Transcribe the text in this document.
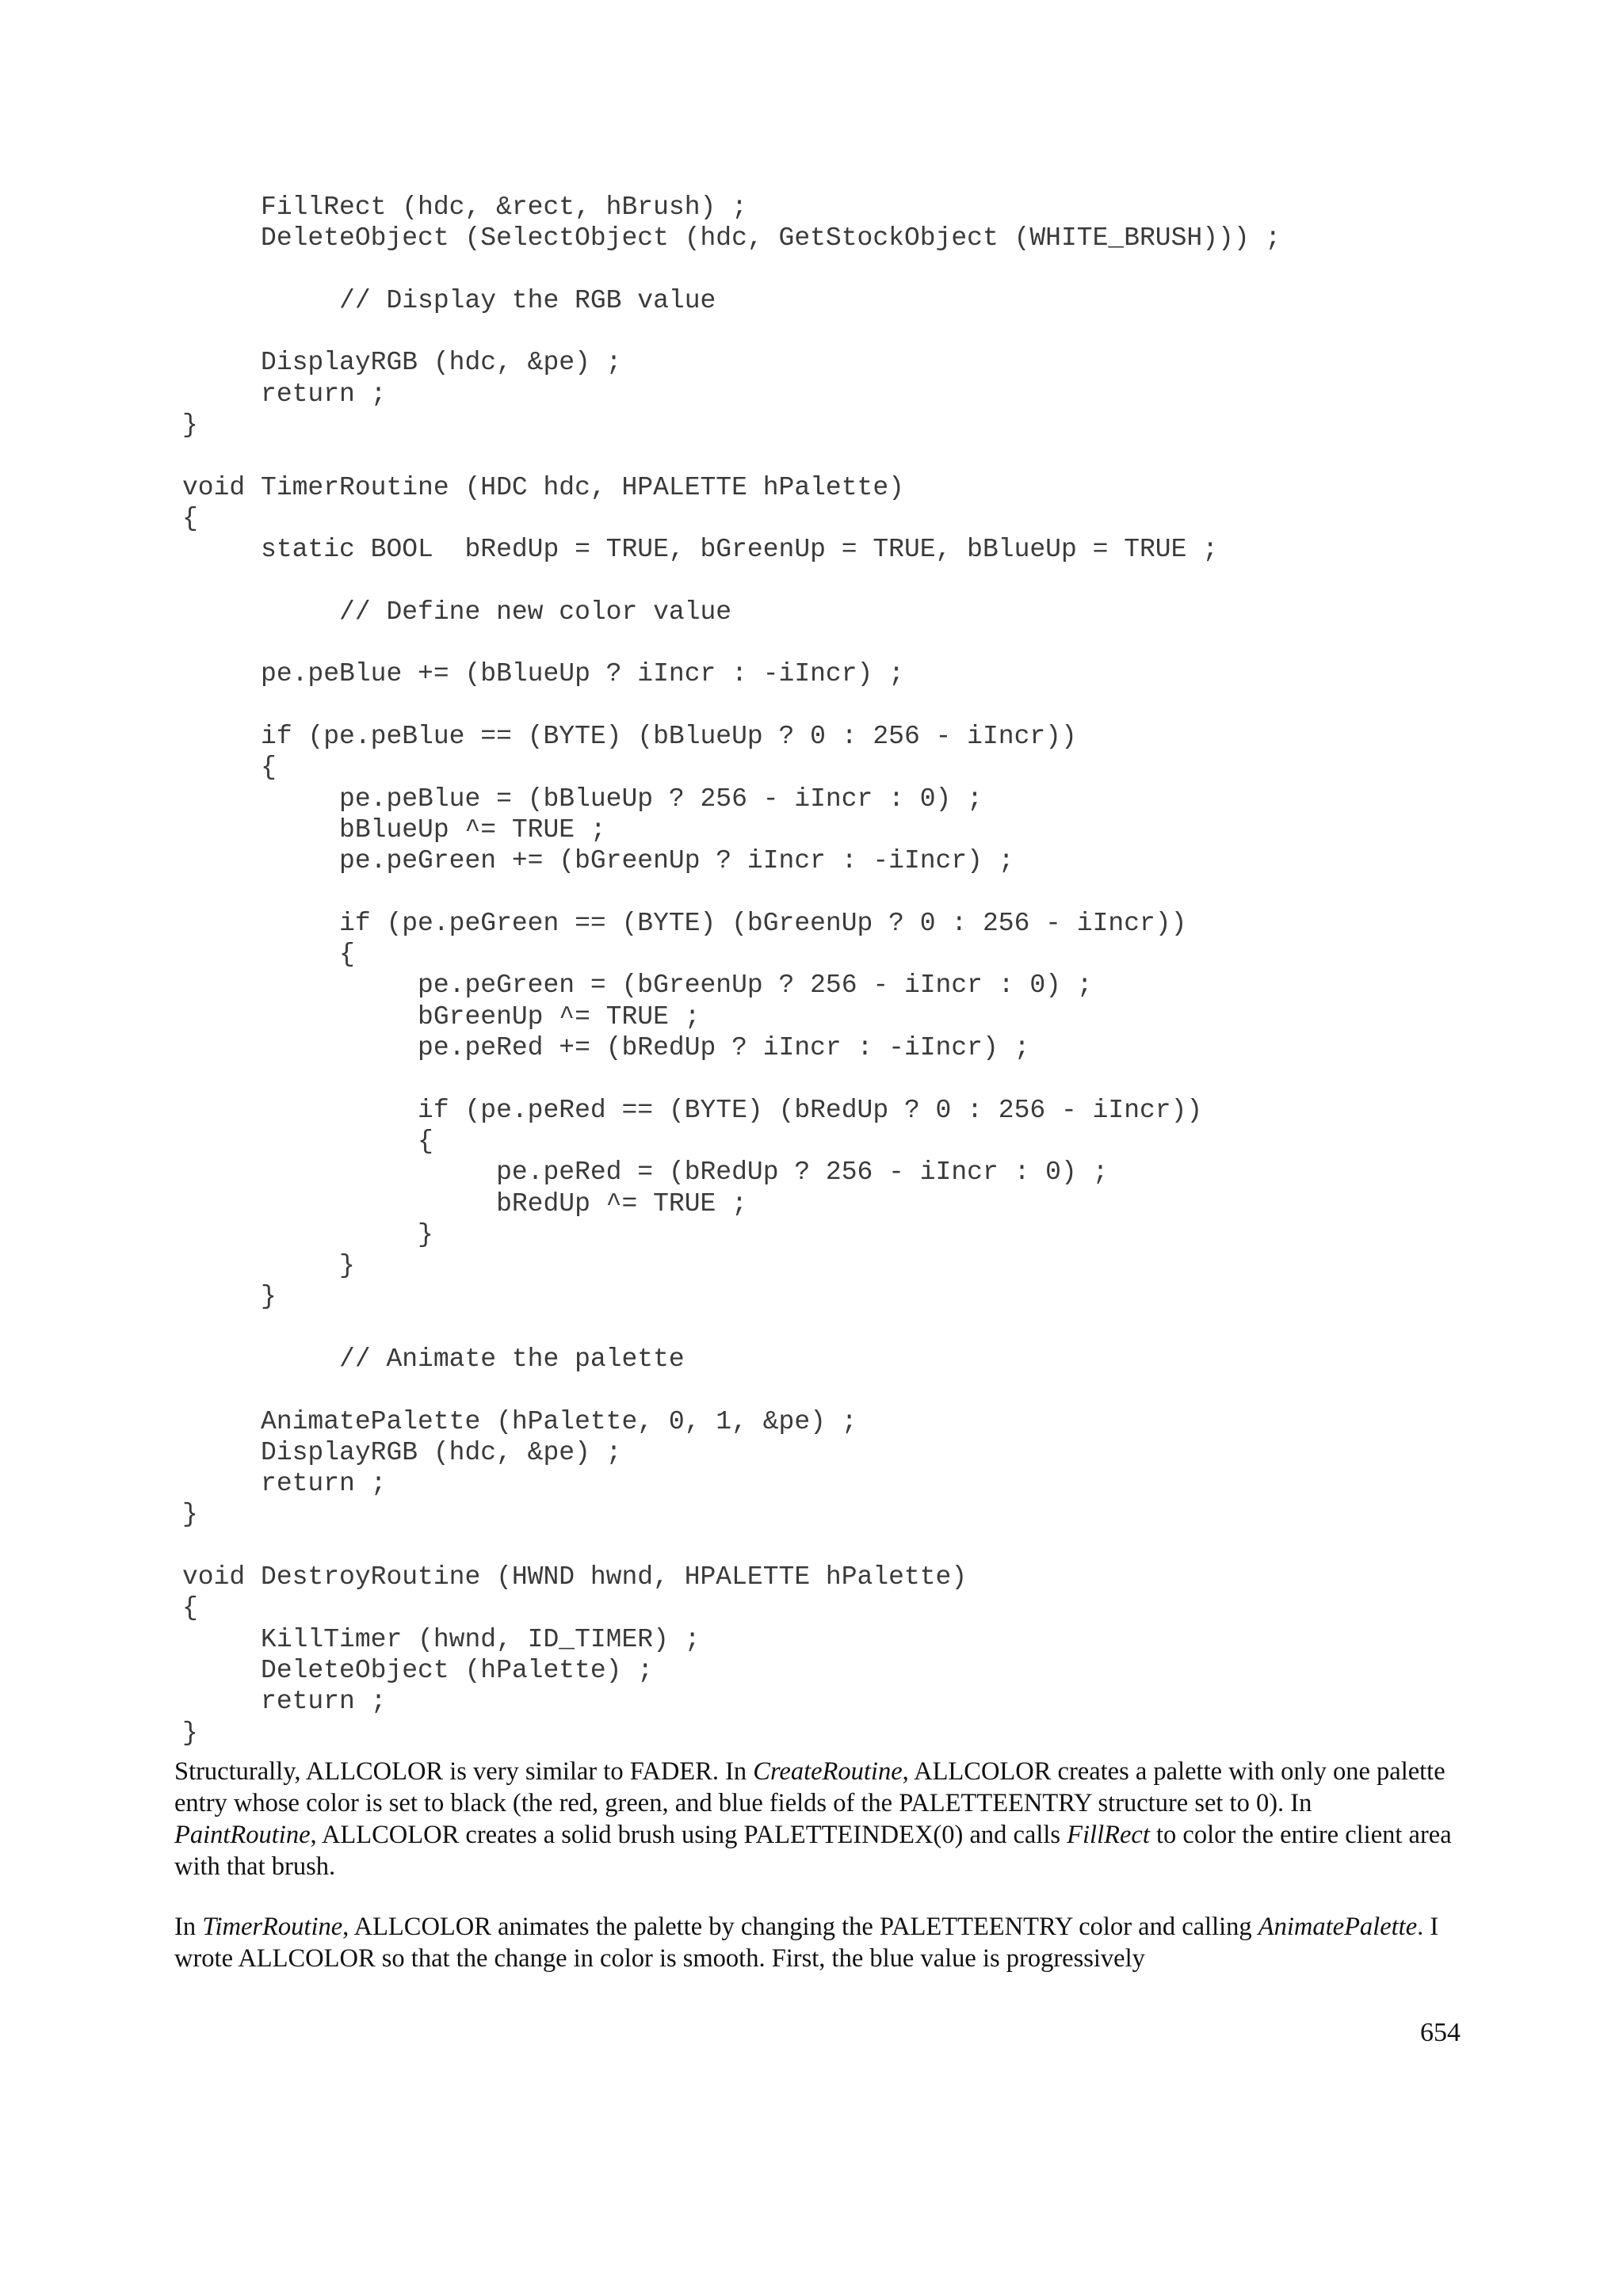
FillRect (hdc, &rect, hBrush) ;
DeleteObject (SelectObject (hdc, GetStockObject (WHITE_BRUSH))) ;
// Display the RGB value
DisplayRGB (hdc, &pe) ;
return ;
}
void TimerRoutine (HDC hdc, HPALETTE hPalette)
{
static BOOL  bRedUp = TRUE, bGreenUp = TRUE, bBlueUp = TRUE ;
// Define new color value
pe.peBlue += (bBlueUp ? iIncr : -iIncr) ;
if (pe.peBlue == (BYTE) (bBlueUp ? 0 : 256 - iIncr))
{
pe.peBlue = (bBlueUp ? 256 - iIncr : 0) ;
bBlueUp ^= TRUE ;
pe.peGreen += (bGreenUp ? iIncr : -iIncr) ;
if (pe.peGreen == (BYTE) (bGreenUp ? 0 : 256 - iIncr))
{
pe.peGreen = (bGreenUp ? 256 - iIncr : 0) ;
bGreenUp ^= TRUE ;
pe.peRed += (bRedUp ? iIncr : -iIncr) ;
if (pe.peRed == (BYTE) (bRedUp ? 0 : 256 - iIncr))
{
pe.peRed = (bRedUp ? 256 - iIncr : 0) ;
bRedUp ^= TRUE ;
}
}
}
// Animate the palette
AnimatePalette (hPalette, 0, 1, &pe) ;
DisplayRGB (hdc, &pe) ;
return ;
}
void DestroyRoutine (HWND hwnd, HPALETTE hPalette)
{
KillTimer (hwnd, ID_TIMER) ;
DeleteObject (hPalette) ;
return ;
}

Structurally, ALLCOLOR is very similar to FADER. In CreateRoutine, ALLCOLOR creates a palette with only one palette entry whose color is set to black (the red, green, and blue fields of the PALETTEENTRY structure set to 0). In PaintRoutine, ALLCOLOR creates a solid brush using PALETTEINDEX(0) and calls FillRect to color the entire client area with that brush.

In TimerRoutine, ALLCOLOR animates the palette by changing the PALETTEENTRY color and calling AnimatePalette. I wrote ALLCOLOR so that the change in color is smooth. First, the blue value is progressively

654
